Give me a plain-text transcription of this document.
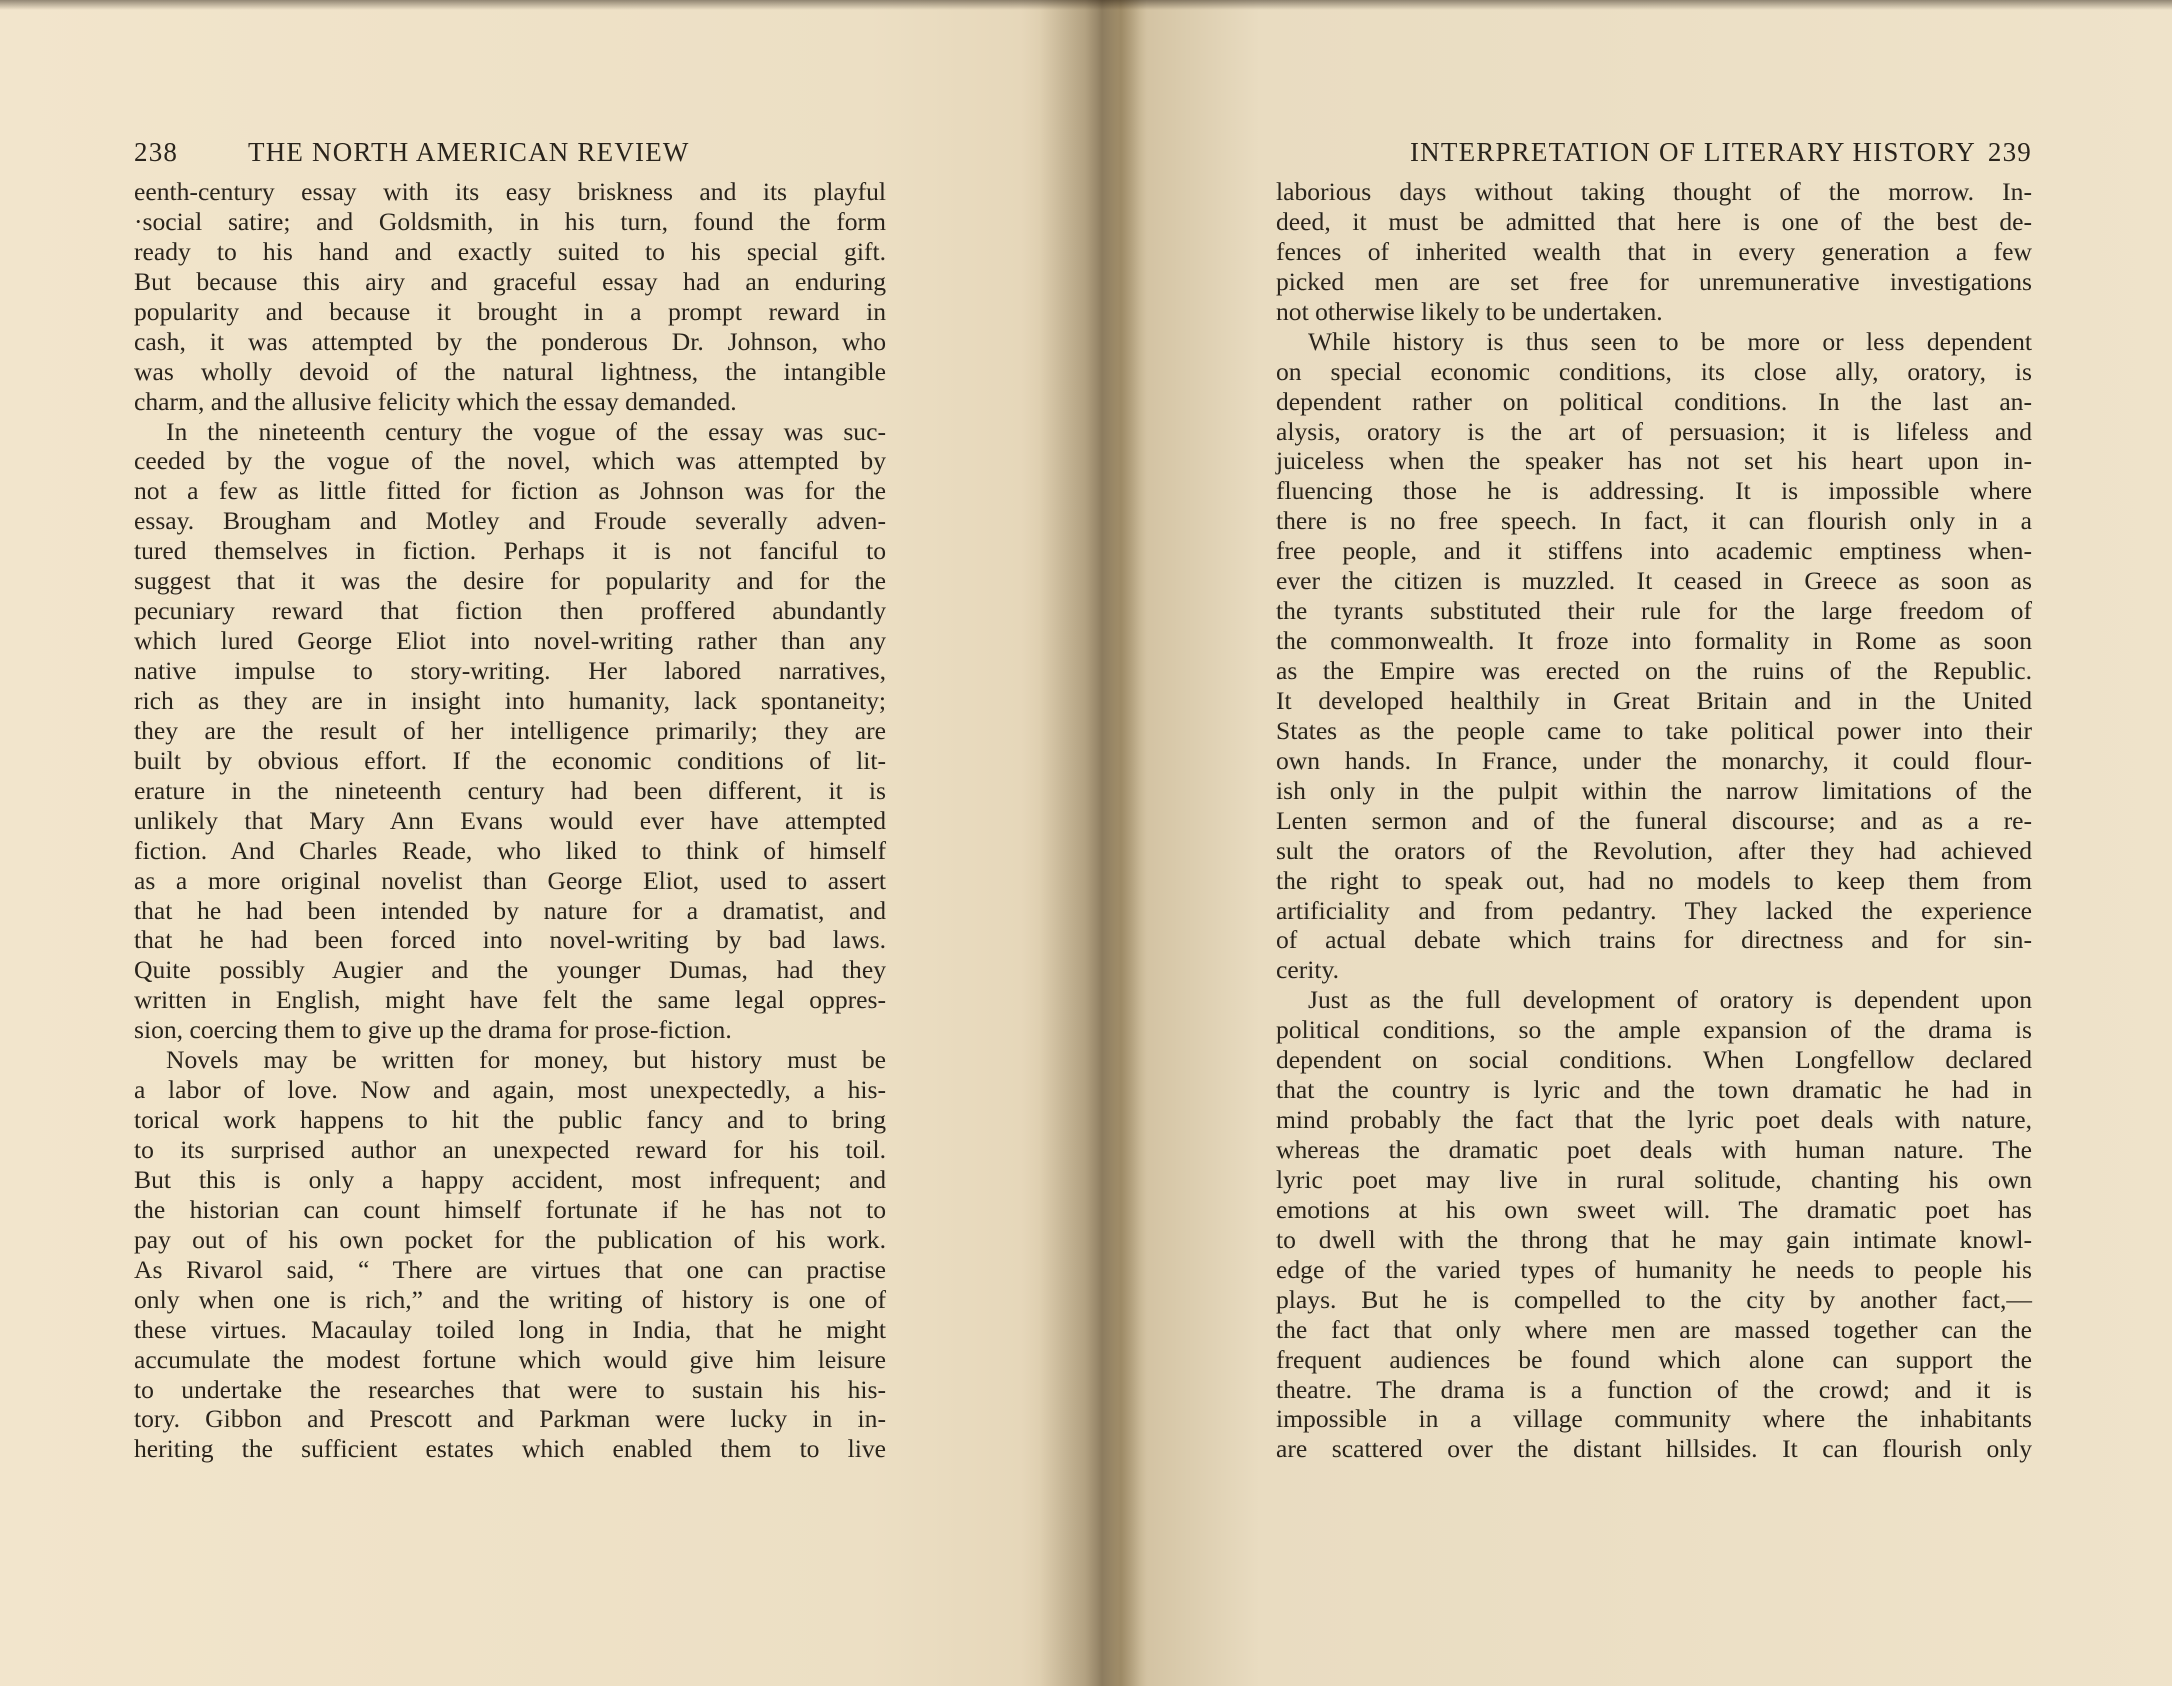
238	THE NORTH AMERICAN REVIEW
eenth-century essay with its easy briskness and its playful
·social satire; and Goldsmith, in his turn, found the form
ready to his hand and exactly suited to his special gift.
But because this airy and graceful essay had an enduring
popularity and because it brought in a prompt reward in
cash, it was attempted by the ponderous Dr. Johnson, who
was wholly devoid of the natural lightness, the intangible
charm, and the allusive felicity which the essay demanded.
In the nineteenth century the vogue of the essay was suc-
ceeded by the vogue of the novel, which was attempted by
not a few as little fitted for fiction as Johnson was for the
essay. Brougham and Motley and Froude severally adven-
tured themselves in fiction. Perhaps it is not fanciful to
suggest that it was the desire for popularity and for the
pecuniary reward that fiction then proffered abundantly
which lured George Eliot into novel-writing rather than any
native impulse to story-writing. Her labored narratives,
rich as they are in insight into humanity, lack spontaneity;
they are the result of her intelligence primarily; they are
built by obvious effort. If the economic conditions of lit-
erature in the nineteenth century had been different, it is
unlikely that Mary Ann Evans would ever have attempted
fiction. And Charles Reade, who liked to think of himself
as a more original novelist than George Eliot, used to assert
that he had been intended by nature for a dramatist, and
that he had been forced into novel-writing by bad laws.
Quite possibly Augier and the younger Dumas, had they
written in English, might have felt the same legal oppres-
sion, coercing them to give up the drama for prose-fiction.
Novels may be written for money, but history must be
a labor of love. Now and again, most unexpectedly, a his-
torical work happens to hit the public fancy and to bring
to its surprised author an unexpected reward for his toil.
But this is only a happy accident, most infrequent; and
the historian can count himself fortunate if he has not to
pay out of his own pocket for the publication of his work.
As Rivarol said, “ There are virtues that one can practise
only when one is rich,” and the writing of history is one of
these virtues. Macaulay toiled long in India, that he might
accumulate the modest fortune which would give him leisure
to undertake the researches that were to sustain his his-
tory. Gibbon and Prescott and Parkman were lucky in in-
heriting the sufficient estates which enabled them to live
INTERPRETATION OF LITERARY HISTORY 239
laborious days without taking thought of the morrow. In-
deed, it must be admitted that here is one of the best de-
fences of inherited wealth that in every generation a few
picked men are set free for unremunerative investigations
not otherwise likely to be undertaken.
While history is thus seen to be more or less dependent
on special economic conditions, its close ally, oratory, is
dependent rather on political conditions. In the last an-
alysis, oratory is the art of persuasion; it is lifeless and
juiceless when the speaker has not set his heart upon in-
fluencing those he is addressing. It is impossible where
there is no free speech. In fact, it can flourish only in a
free people, and it stiffens into academic emptiness when-
ever the citizen is muzzled. It ceased in Greece as soon as
the tyrants substituted their rule for the large freedom of
the commonwealth. It froze into formality in Rome as soon
as the Empire was erected on the ruins of the Republic.
It developed healthily in Great Britain and in the United
States as the people came to take political power into their
own hands. In France, under the monarchy, it could flour-
ish only in the pulpit within the narrow limitations of the
Lenten sermon and of the funeral discourse; and as a re-
sult the orators of the Revolution, after they had achieved
the right to speak out, had no models to keep them from
artificiality and from pedantry. They lacked the experience
of actual debate which trains for directness and for sin-
cerity.
Just as the full development of oratory is dependent upon
political conditions, so the ample expansion of the drama is
dependent on social conditions. When Longfellow declared
that the country is lyric and the town dramatic he had in
mind probably the fact that the lyric poet deals with nature,
whereas the dramatic poet deals with human nature. The
lyric poet may live in rural solitude, chanting his own
emotions at his own sweet will. The dramatic poet has
to dwell with the throng that he may gain intimate knowl-
edge of the varied types of humanity he needs to people his
plays. But he is compelled to the city by another fact,—
the fact that only where men are massed together can the
frequent audiences be found which alone can support the
theatre. The drama is a function of the crowd; and it is
impossible in a village community where the inhabitants
are scattered over the distant hillsides. It can flourish only
